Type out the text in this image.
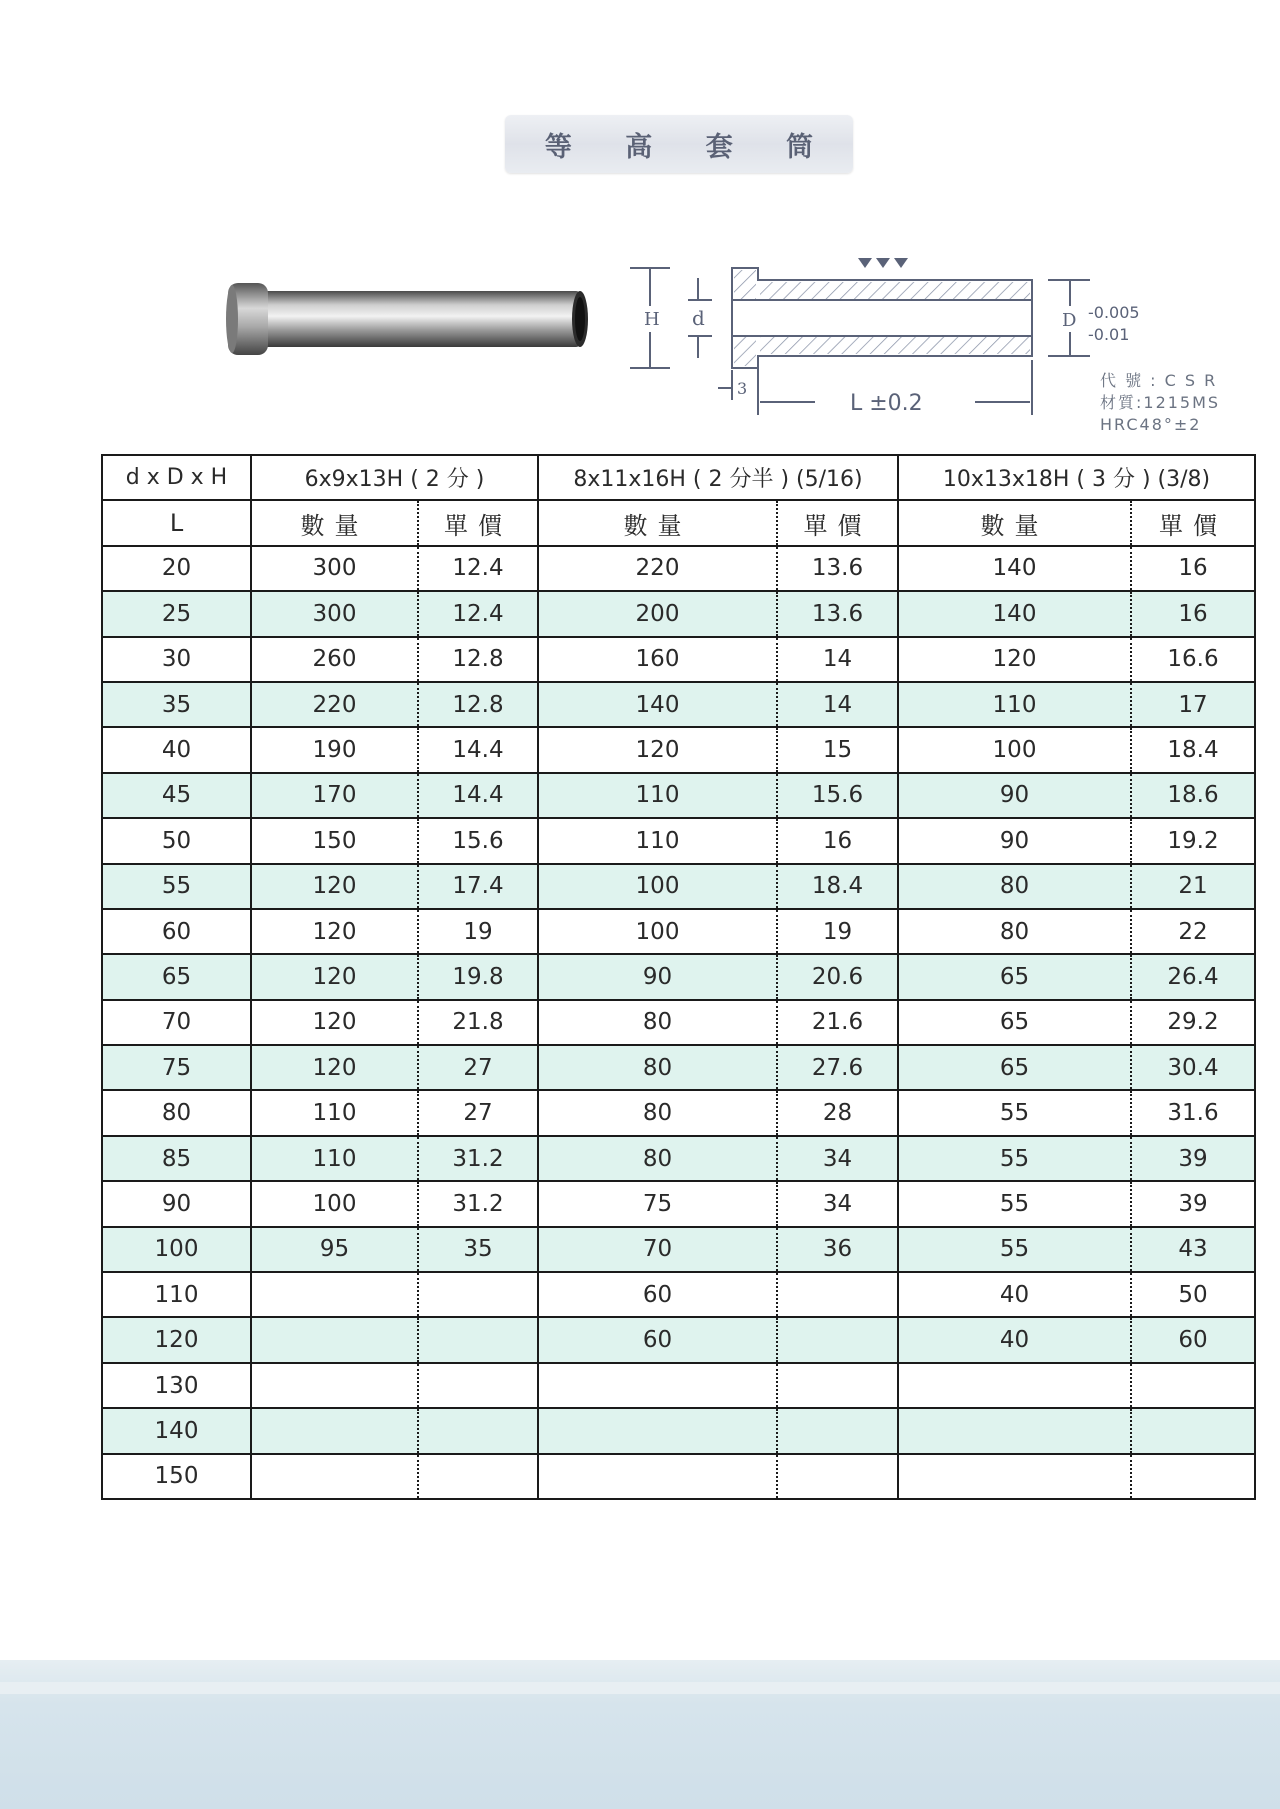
等 高 套 筒
H d	D
3
-0.005
-0.01
L ±0.2
代 號 : C S R
材質:1215MS
HRC48°±2
d x D x H	6x9x13H ( 2 分 )		8x11x16H ( 2 分半 ) (5/16)		10x13x18H ( 3 分 ) (3/8)	
L	數量	單價	數量	單價	數量	單價
20	300	12.4	220	13.6	140	16
25	300	12.4	200	13.6	140	16
30	260	12.8	160	14	120	16.6
35	220	12.8	140	14	110	17
40	190	14.4	120	15	100	18.4
45	170	14.4	110	15.6	90	18.6
50	150	15.6	110	16	90	19.2
55	120	17.4	100	18.4	80	21
60	120	19	100	19	80	22
65	120	19.8	90	20.6	65	26.4
70	120	21.8	80	21.6	65	29.2
75	120	27	80	27.6	65	30.4
80	110	27	80	28	55	31.6
85	110	31.2	80	34	55	39
90	100	31.2	75	34	55	39
100	95	35	70	36	55	43
110			60		40	50
120			60		40	60
130						
140						
150						
